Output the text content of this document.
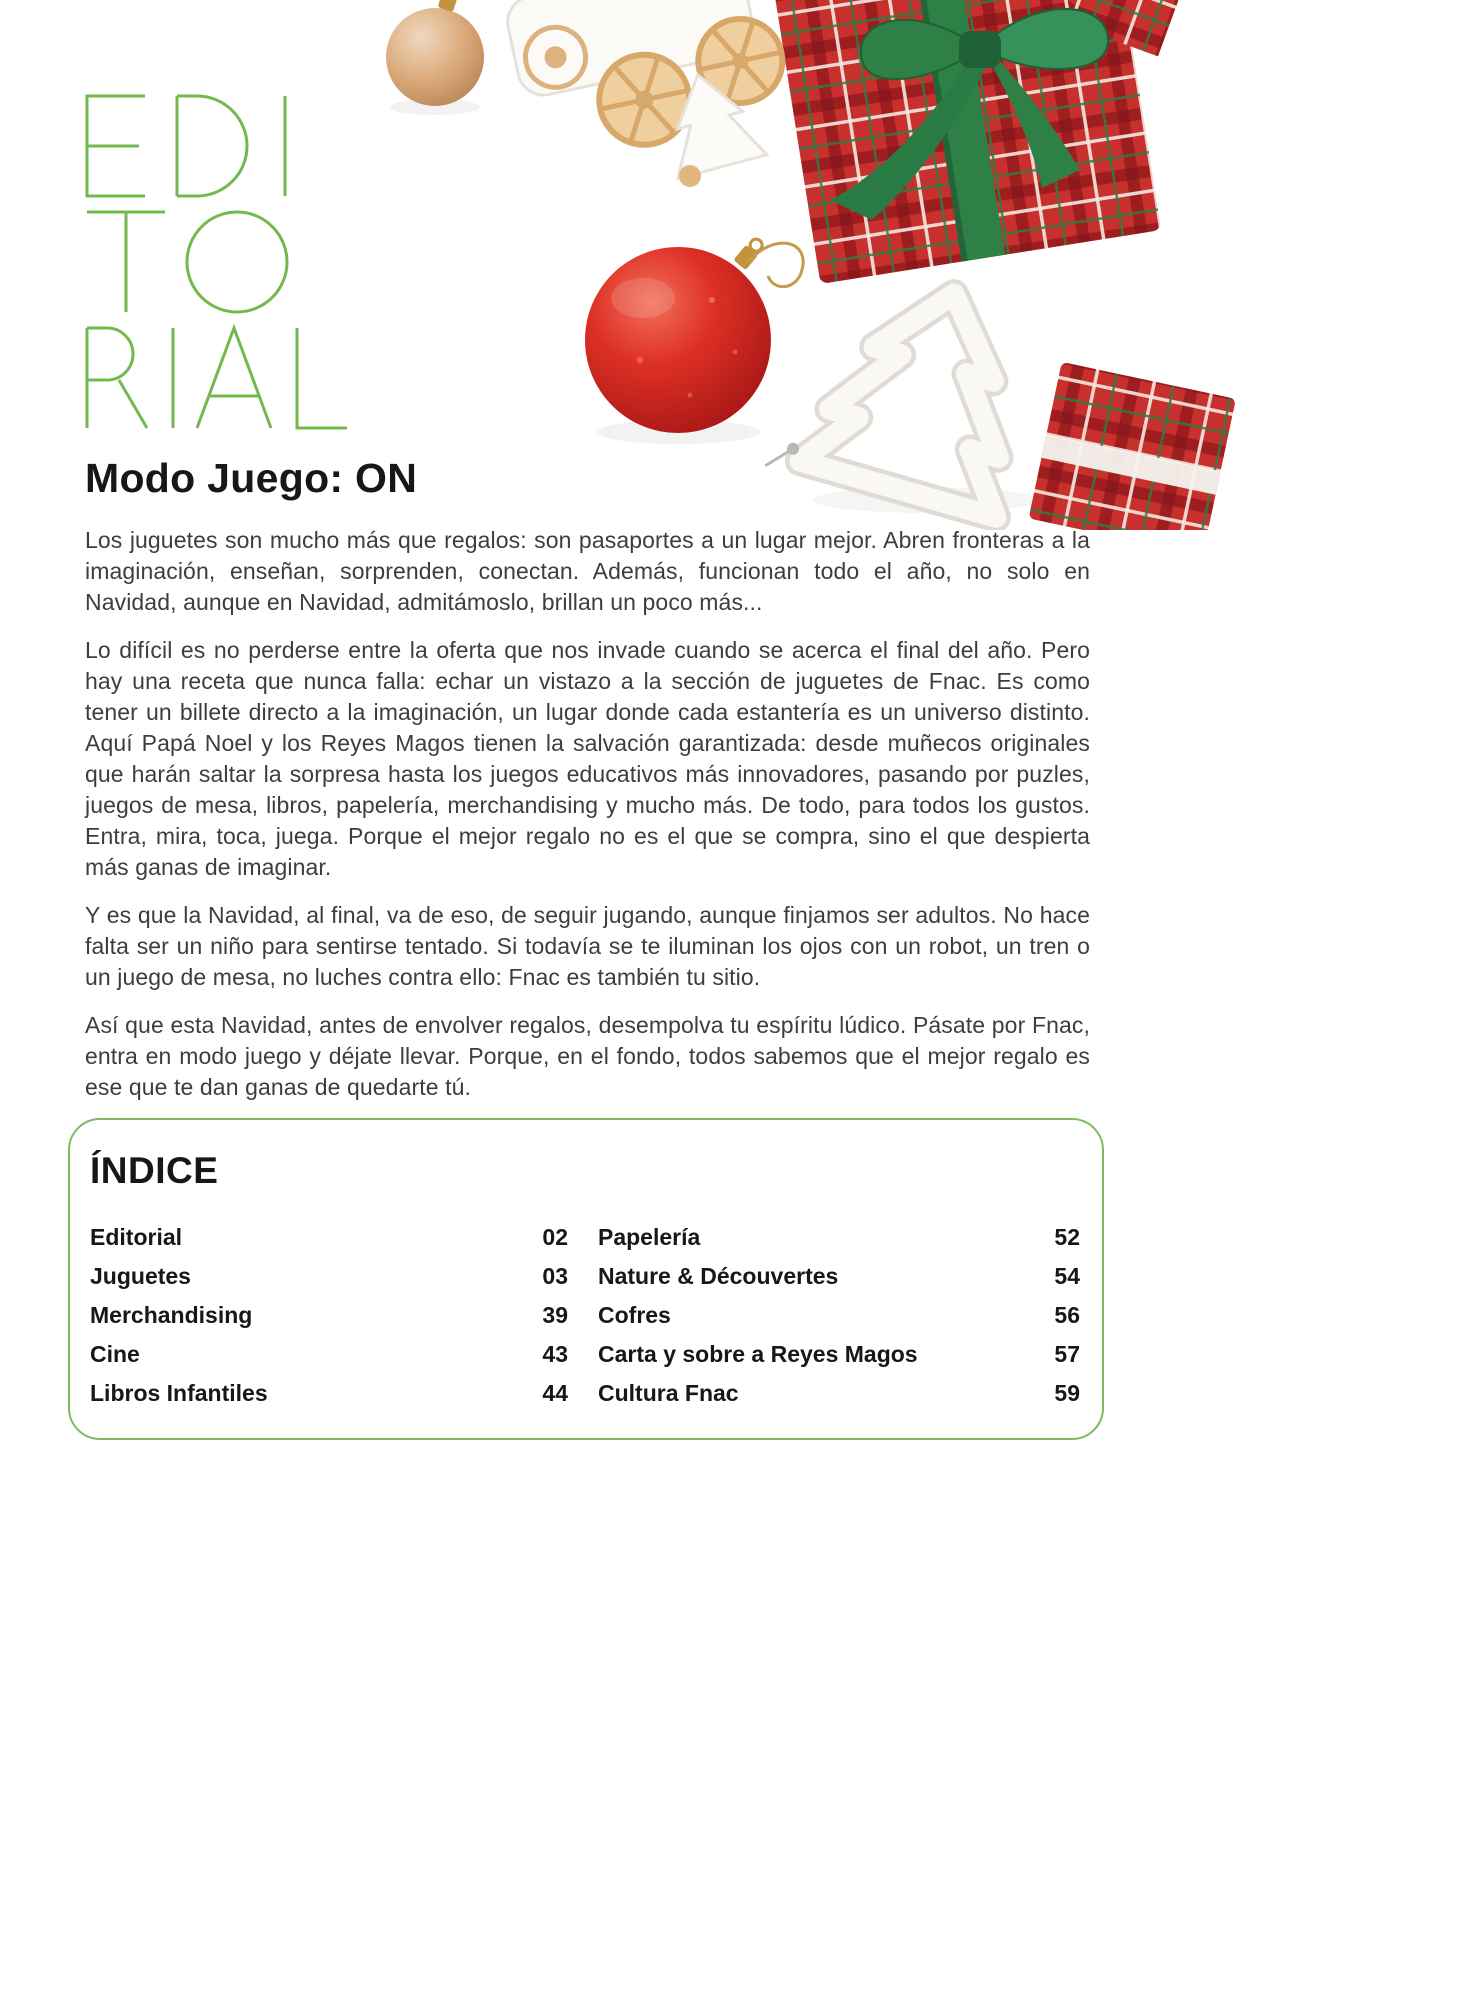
Modo Juego: ON

Los juguetes son mucho más que regalos: son pasaportes a un lugar mejor. Abren fronteras a la imaginación, enseñan, sorprenden, conectan. Además, funcionan todo el año, no solo en Navidad, aunque en Navidad, admitámoslo, brillan un poco más...

Lo difícil es no perderse entre la oferta que nos invade cuando se acerca el final del año. Pero hay una receta que nunca falla: echar un vistazo a la sección de juguetes de Fnac. Es como tener un billete directo a la imaginación, un lugar donde cada estantería es un universo distinto. Aquí Papá Noel y los Reyes Magos tienen la salvación garantizada: desde muñecos originales que harán saltar la sorpresa hasta los juegos educativos más innovadores, pasando por puzles, juegos de mesa, libros, papelería, merchandising y mucho más. De todo, para todos los gustos. Entra, mira, toca, juega. Porque el mejor regalo no es el que se compra, sino el que despierta más ganas de imaginar.

Y es que la Navidad, al final, va de eso, de seguir jugando, aunque finjamos ser adultos. No hace falta ser un niño para sentirse tentado. Si todavía se te iluminan los ojos con un robot, un tren o un juego de mesa, no luches contra ello: Fnac es también tu sitio.

Así que esta Navidad, antes de envolver regalos, desempolva tu espíritu lúdico. Pásate por Fnac, entra en modo juego y déjate llevar. Porque, en el fondo, todos sabemos que el mejor regalo es ese que te dan ganas de quedarte tú.

ÍNDICE
Editorial	02
Juguetes	03
Merchandising	39
Cine	43
Libros Infantiles	44
Papelería	52
Nature & Découvertes	54
Cofres	56
Carta y sobre a Reyes Magos	57
Cultura Fnac	59
